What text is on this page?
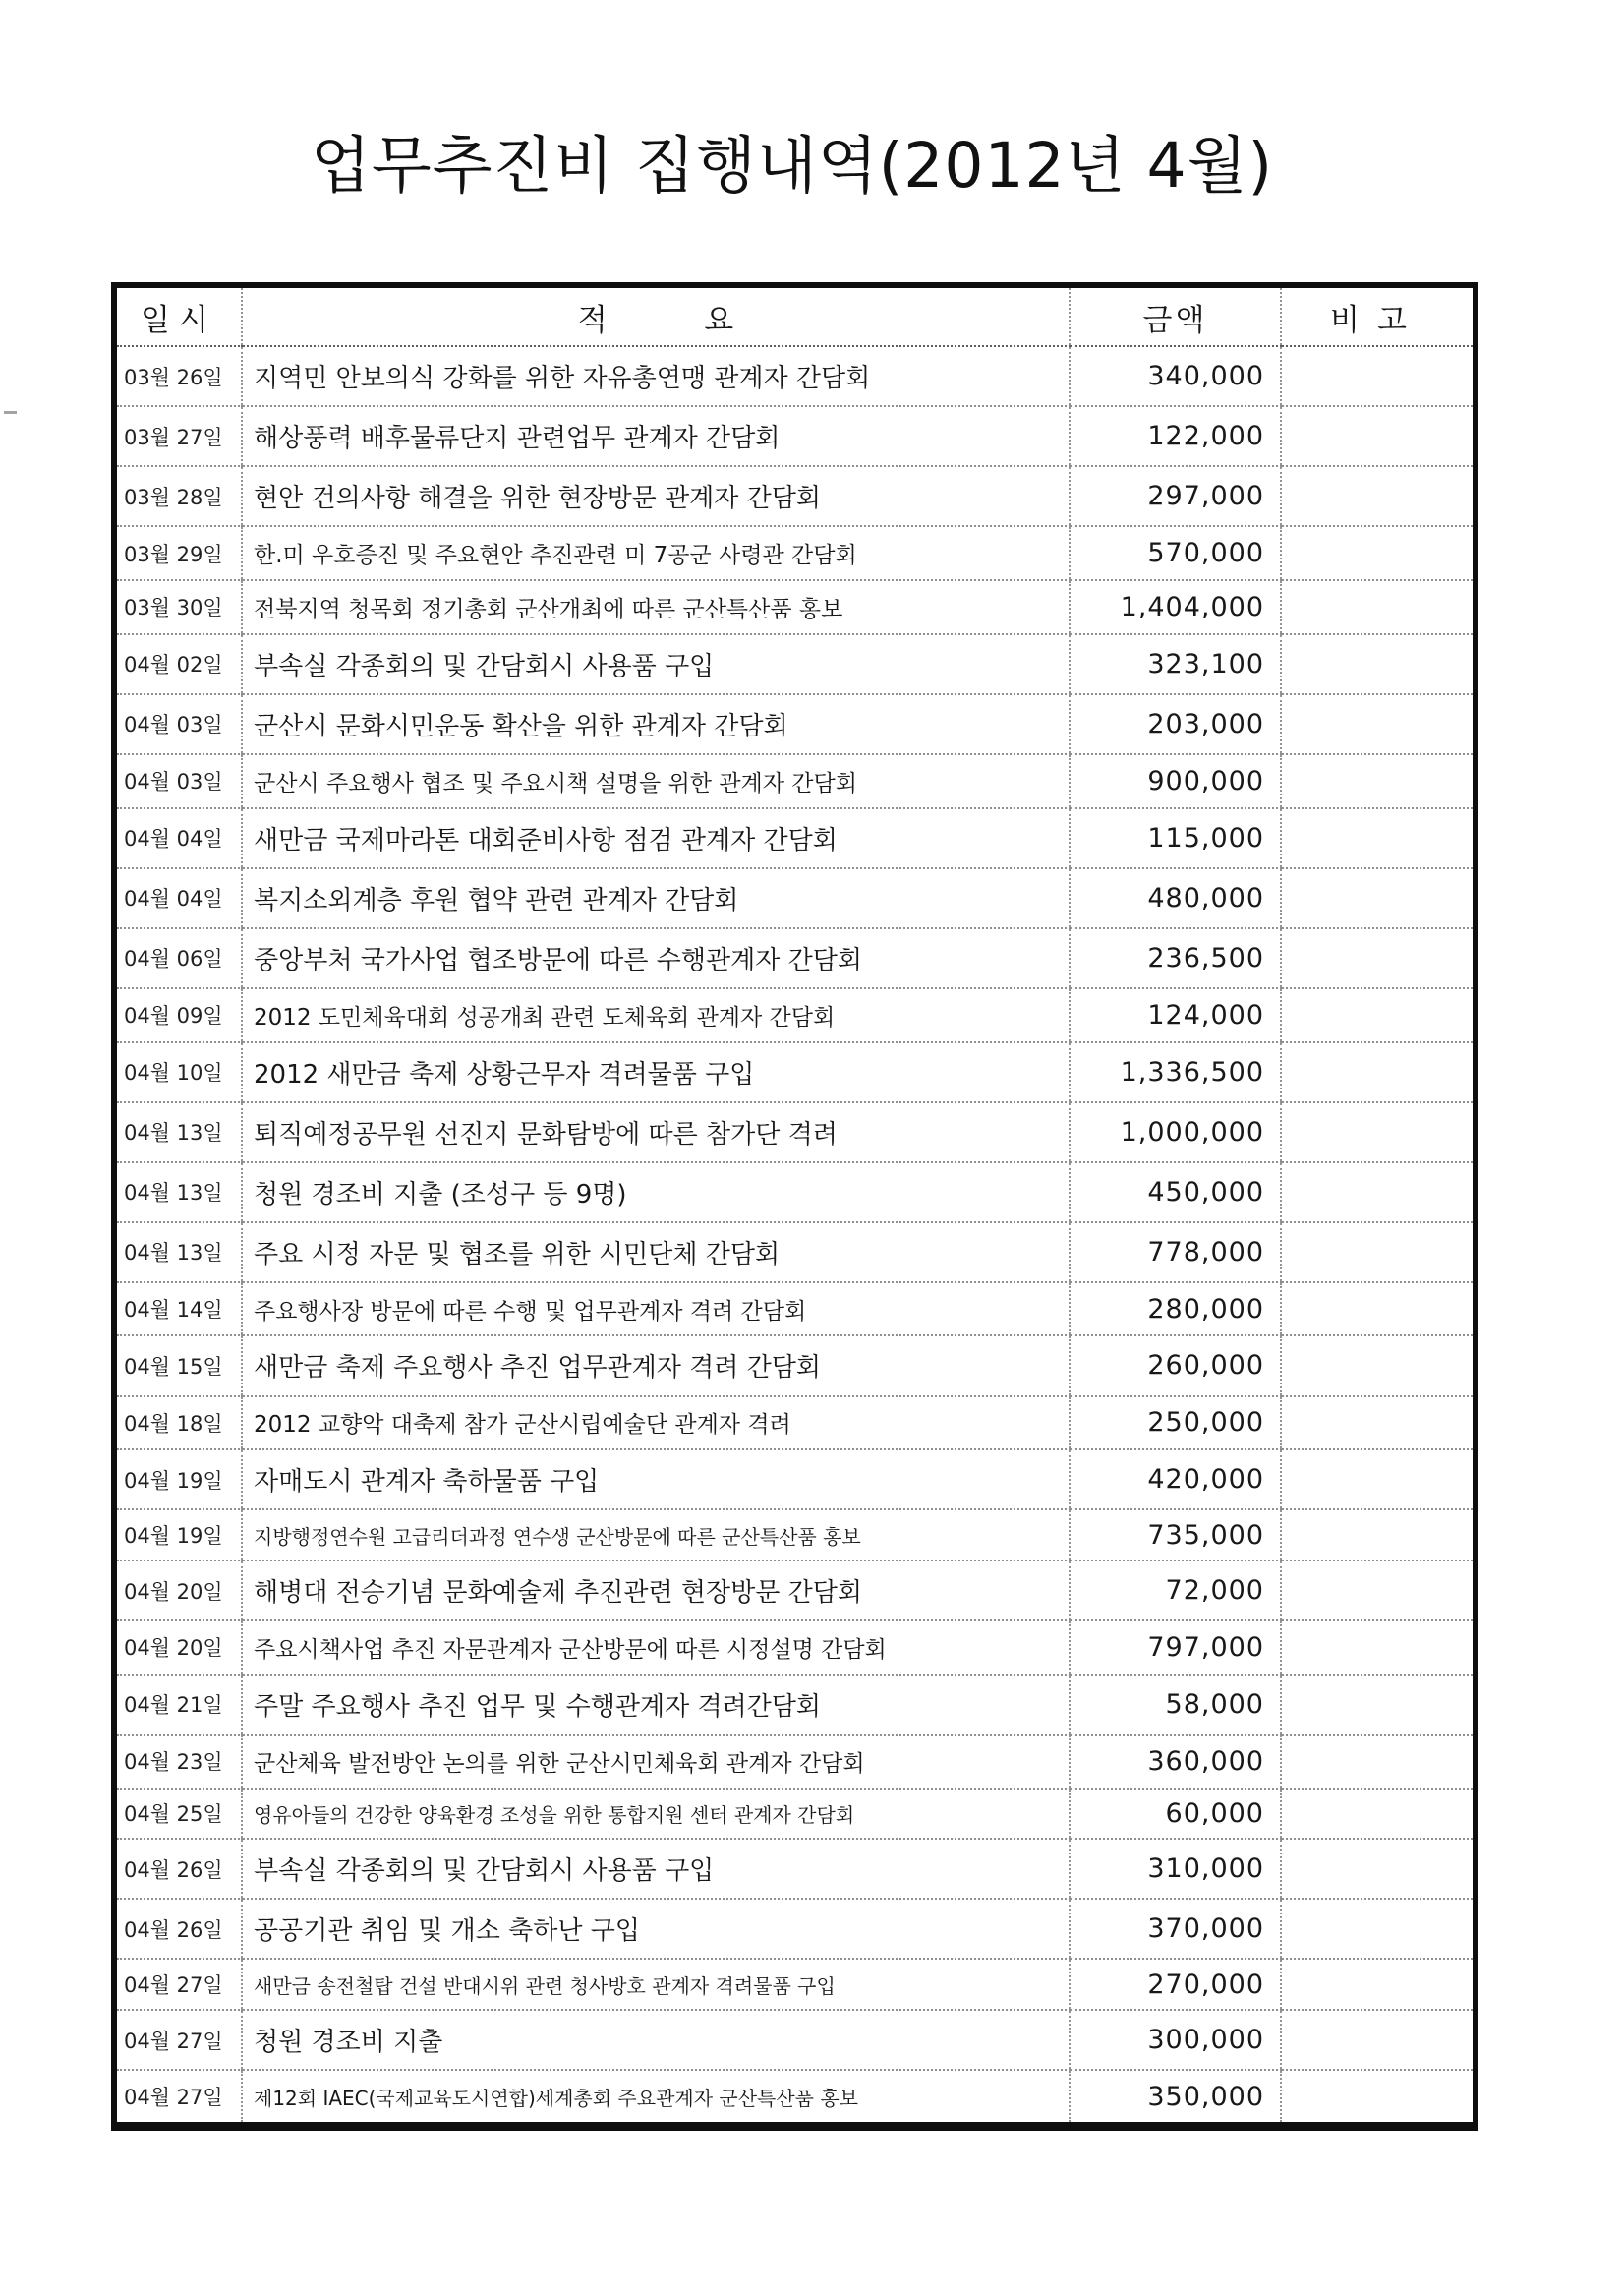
업무추진비 집행내역(2012년 4월)
일시	적          요	금액	비고
03월 26일	지역민 안보의식 강화를 위한 자유총연맹 관계자 간담회	340,000	
03월 27일	해상풍력 배후물류단지 관련업무 관계자 간담회	122,000	
03월 28일	현안 건의사항 해결을 위한 현장방문 관계자 간담회	297,000	
03월 29일	한.미 우호증진 및 주요현안 추진관련 미 7공군 사령관 간담회	570,000	
03월 30일	전북지역 청목회 정기총회 군산개최에 따른 군산특산품 홍보	1,404,000	
04월 02일	부속실 각종회의 및 간담회시 사용품 구입	323,100	
04월 03일	군산시 문화시민운동 확산을 위한 관계자 간담회	203,000	
04월 03일	군산시 주요행사 협조 및 주요시책 설명을 위한 관계자 간담회	900,000	
04월 04일	새만금 국제마라톤 대회준비사항 점검 관계자 간담회	115,000	
04월 04일	복지소외계층 후원 협약 관련 관계자 간담회	480,000	
04월 06일	중앙부처 국가사업 협조방문에 따른 수행관계자 간담회	236,500	
04월 09일	2012 도민체육대회 성공개최 관련 도체육회 관계자 간담회	124,000	
04월 10일	2012 새만금 축제 상황근무자 격려물품 구입	1,336,500	
04월 13일	퇴직예정공무원 선진지 문화탐방에 따른 참가단 격려	1,000,000	
04월 13일	청원 경조비 지출 (조성구 등 9명)	450,000	
04월 13일	주요 시정 자문 및 협조를 위한 시민단체 간담회	778,000	
04월 14일	주요행사장 방문에 따른 수행 및 업무관계자 격려 간담회	280,000	
04월 15일	새만금 축제 주요행사 추진 업무관계자 격려 간담회	260,000	
04월 18일	2012 교향악 대축제 참가 군산시립예술단 관계자 격려	250,000	
04월 19일	자매도시 관계자 축하물품 구입	420,000	
04월 19일	지방행정연수원 고급리더과정 연수생 군산방문에 따른 군산특산품 홍보	735,000	
04월 20일	해병대 전승기념 문화예술제 추진관련 현장방문 간담회	72,000	
04월 20일	주요시책사업 추진 자문관계자 군산방문에 따른 시정설명 간담회	797,000	
04월 21일	주말 주요행사 추진 업무 및 수행관계자 격려간담회	58,000	
04월 23일	군산체육 발전방안 논의를 위한 군산시민체육회 관계자 간담회	360,000	
04월 25일	영유아들의 건강한 양육환경 조성을 위한 통합지원 센터 관계자 간담회	60,000	
04월 26일	부속실 각종회의 및 간담회시 사용품 구입	310,000	
04월 26일	공공기관 취임 및 개소 축하난 구입	370,000	
04월 27일	새만금 송전철탑 건설 반대시위 관련 청사방호 관계자 격려물품 구입	270,000	
04월 27일	청원 경조비 지출	300,000	
04월 27일	제12회 IAEC(국제교육도시연합)세계총회 주요관계자 군산특산품 홍보	350,000	
